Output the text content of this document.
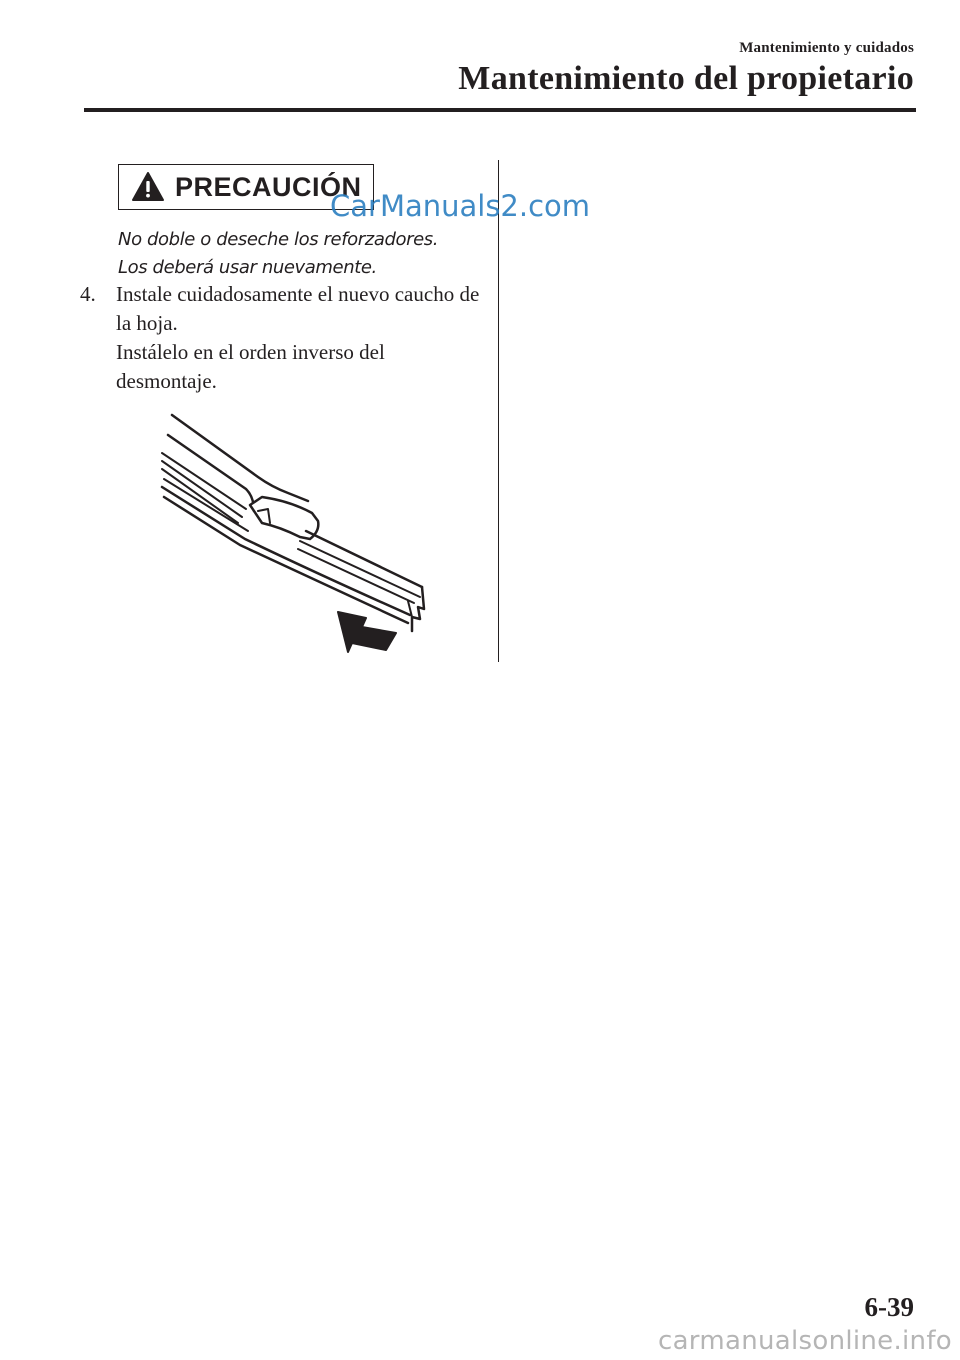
Mantenimiento y cuidados
Mantenimiento del propietario
PRECAUCIÓN
CarManuals2.com
No doble o deseche los reforzadores.
Los deberá usar nuevamente.
4. Instale cuidadosamente el nuevo caucho de la hoja.

Instálelo en el orden inverso del desmontaje.

6-39
carmanualsonline.info
